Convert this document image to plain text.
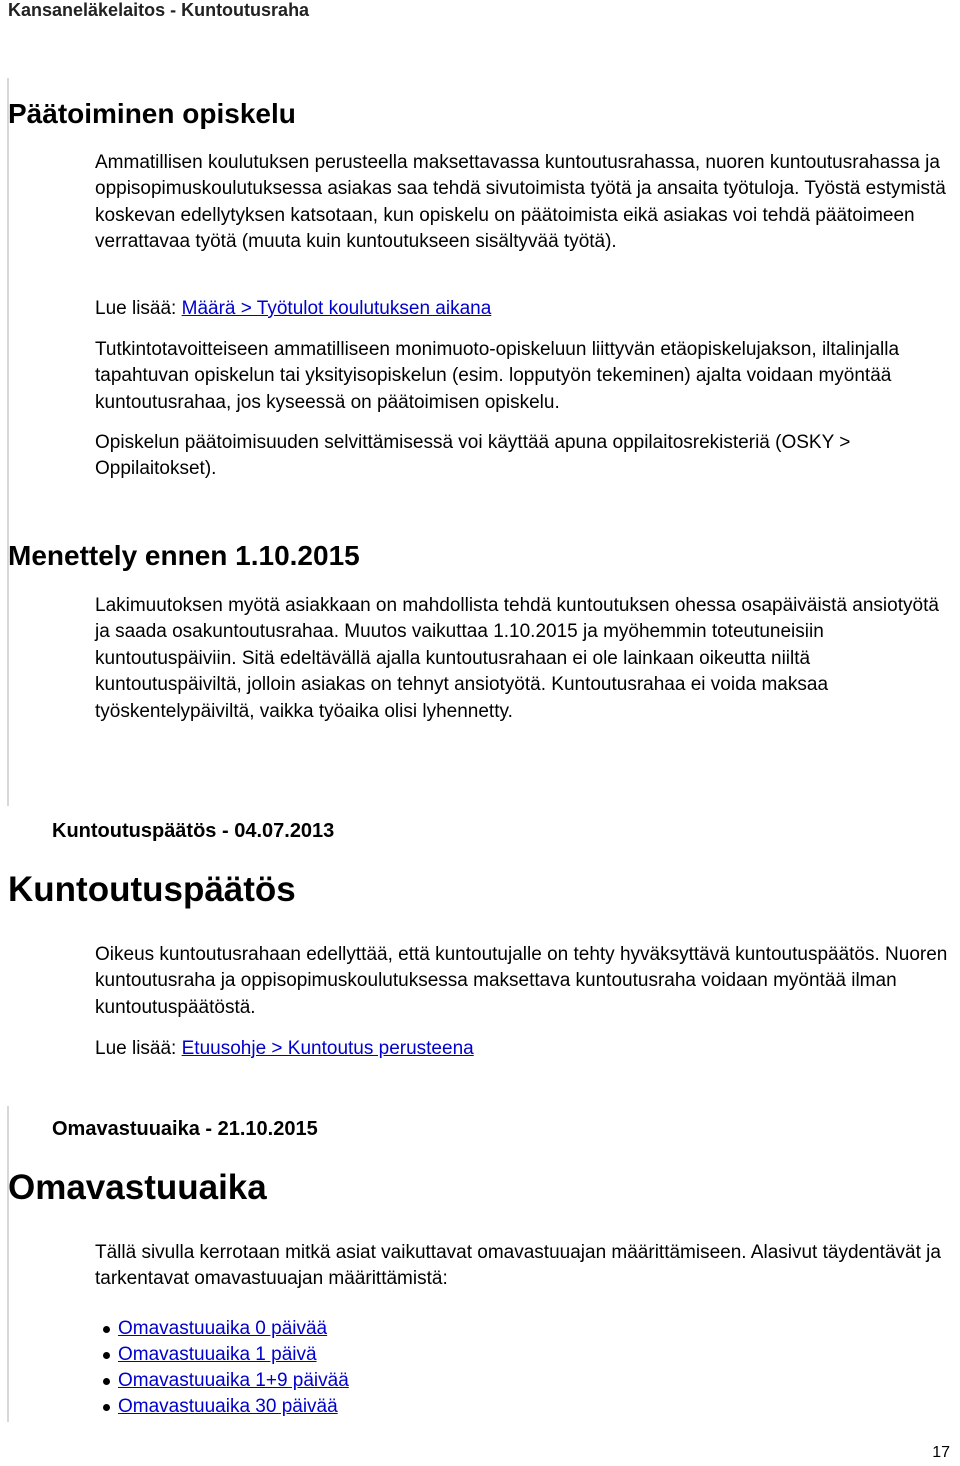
Kansaneläkelaitos - Kuntoutusraha
Päätoiminen opiskelu
Ammatillisen koulutuksen perusteella maksettavassa kuntoutusrahassa, nuoren kuntoutusrahassa ja oppisopimuskoulutuksessa asiakas saa tehdä sivutoimista työtä ja ansaita työtuloja. Työstä estymistä koskevan edellytyksen katsotaan, kun opiskelu on päätoimista eikä asiakas voi tehdä päätoimeen verrattavaa työtä (muuta kuin kuntoutukseen sisältyvää työtä).
Lue lisää: Määrä > Työtulot koulutuksen aikana
Tutkintotavoitteiseen ammatilliseen monimuoto-opiskeluun liittyvän etäopiskelujakson, iltalinjalla tapahtuvan opiskelun tai yksityisopiskelun (esim. lopputyön tekeminen) ajalta voidaan myöntää kuntoutusrahaa, jos kyseessä on päätoimisen opiskelu.
Opiskelun päätoimisuuden selvittämisessä voi käyttää apuna oppilaitosrekisteriä (OSKY > Oppilaitokset).
Menettely ennen 1.10.2015
Lakimuutoksen myötä asiakkaan on mahdollista tehdä kuntoutuksen ohessa osapäiväistä ansiotyötä ja saada osakuntoutusrahaa. Muutos vaikuttaa 1.10.2015 ja myöhemmin toteutuneisiin kuntoutuspäiviin. Sitä edeltävällä ajalla kuntoutusrahaan ei ole lainkaan oikeutta niiltä kuntoutuspäiviltä, jolloin asiakas on tehnyt ansiotyötä. Kuntoutusrahaa ei voida maksaa työskentelypäiviltä, vaikka työaika olisi lyhennetty.
Kuntoutuspäätös - 04.07.2013
Kuntoutuspäätös
Oikeus kuntoutusrahaan edellyttää, että kuntoutujalle on tehty hyväksyttävä kuntoutuspäätös. Nuoren kuntoutusraha ja oppisopimuskoulutuksessa maksettava kuntoutusraha voidaan myöntää ilman kuntoutuspäätöstä.
Lue lisää: Etuusohje > Kuntoutus perusteena
Omavastuuaika - 21.10.2015
Omavastuuaika
Tällä sivulla kerrotaan mitkä asiat vaikuttavat omavastuuajan määrittämiseen. Alasivut täydentävät ja tarkentavat omavastuuajan määrittämistä:
Omavastuuaika 0 päivää
Omavastuuaika 1 päivä
Omavastuuaika 1+9 päivää
Omavastuuaika 30 päivää
17
